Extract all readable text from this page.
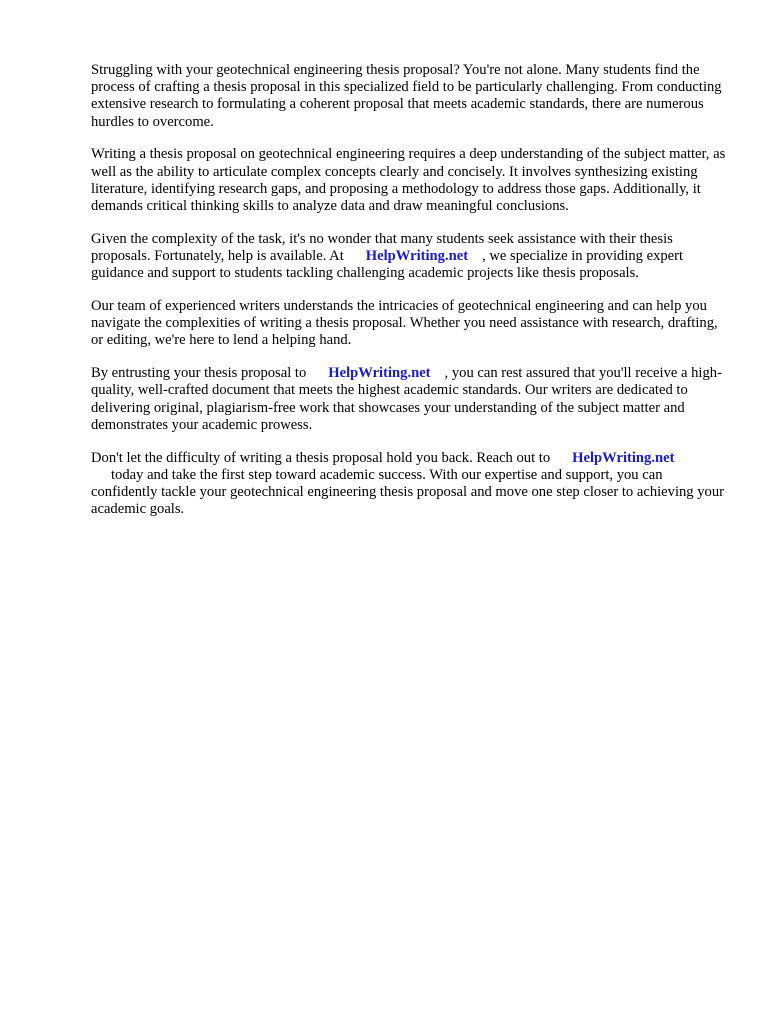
Struggling with your geotechnical engineering thesis proposal? You're not alone. Many students find the process of crafting a thesis proposal in this specialized field to be particularly challenging. From conducting extensive research to formulating a coherent proposal that meets academic standards, there are numerous hurdles to overcome.

Writing a thesis proposal on geotechnical engineering requires a deep understanding of the subject matter, as well as the ability to articulate complex concepts clearly and concisely. It involves synthesizing existing literature, identifying research gaps, and proposing a methodology to address those gaps. Additionally, it demands critical thinking skills to analyze data and draw meaningful conclusions.

Given the complexity of the task, it's no wonder that many students seek assistance with their thesis proposals. Fortunately, help is available. At HelpWriting.net , we specialize in providing expert guidance and support to students tackling challenging academic projects like thesis proposals.

Our team of experienced writers understands the intricacies of geotechnical engineering and can help you navigate the complexities of writing a thesis proposal. Whether you need assistance with research, drafting, or editing, we're here to lend a helping hand.

By entrusting your thesis proposal to HelpWriting.net , you can rest assured that you'll receive a high-quality, well-crafted document that meets the highest academic standards. Our writers are dedicated to delivering original, plagiarism-free work that showcases your understanding of the subject matter and demonstrates your academic prowess.

Don't let the difficulty of writing a thesis proposal hold you back. Reach out to HelpWriting.net
today and take the first step toward academic success. With our expertise and support, you can confidently tackle your geotechnical engineering thesis proposal and move one step closer to achieving your academic goals.
